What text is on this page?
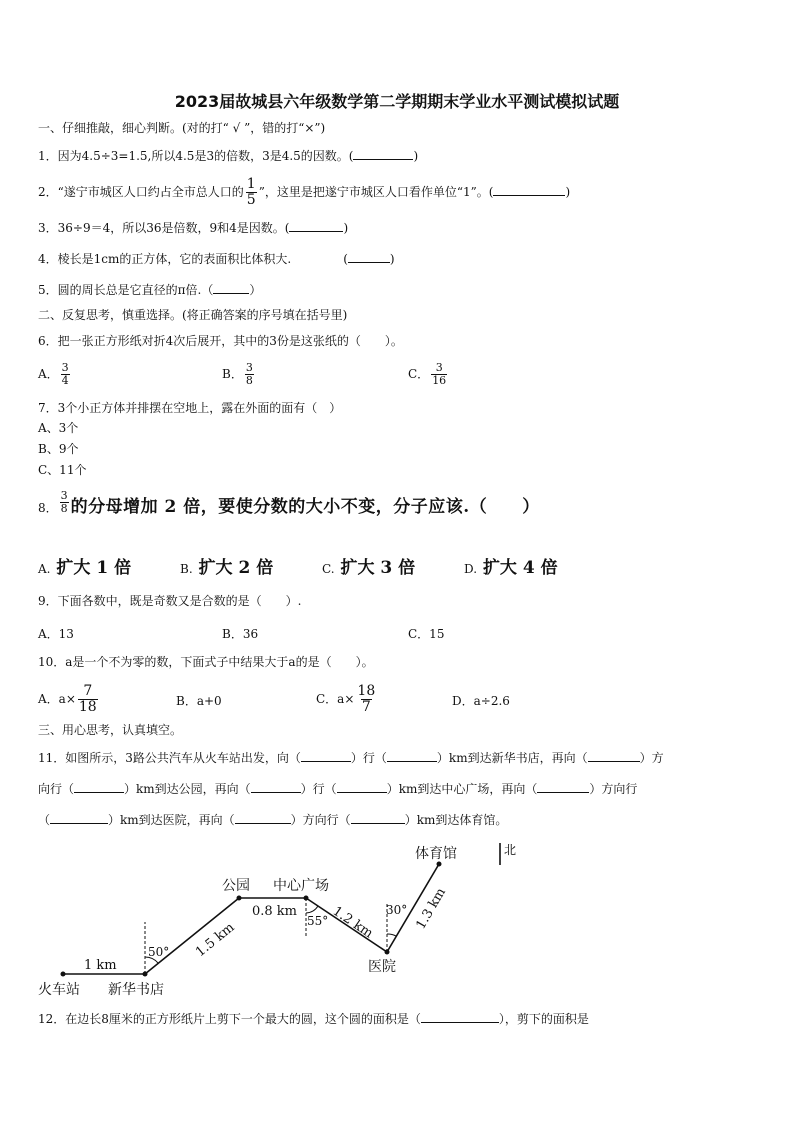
2023届故城县六年级数学第二学期期末学业水平测试模拟试题
一、仔细推敲，细心判断。(对的打“ √ ”，错的打“×”)
1．因为4.5÷3=1.5,所以4.5是3的倍数，3是4.5的因数。(	)
2．“遂宁市城区人口约占全市总人口的 $\frac{1}{5}$ ”，这里是把遂宁市城区人口看作单位“1”。(	)
3．36÷9＝4，所以36是倍数，9和4是因数。(	)
4．棱长是1cm的正方体，它的表面积比体积大.	(	)
5．圆的周长总是它直径的π倍.（	）
二、反复思考，慎重选择。(将正确答案的序号填在括号里)
6．把一张正方形纸对折4次后展开，其中的3份是这张纸的（　　）。
A． $\frac{3}{4}$	B． $\frac{3}{8}$	C． $\frac{3}{16}$
7．3个小正方体并排摆在空地上，露在外面的面有（　）
A、3个
B、9个
C、11个
8． $\frac{3}{8}$ 的分母增加 2 倍，要使分数的大小不变，分子应该.（　　）
A. 扩大 1 倍	B. 扩大 2 倍	C. 扩大 3 倍	D. 扩大 4 倍
9．下面各数中，既是奇数又是合数的是（　　）.
A．13	B．36	C．15
10．a是一个不为零的数，下面式子中结果大于a的是（　　）。
A．$a\times \frac{7}{18}$	B．a+0	C．$a\times \frac{18}{7}$	D．a÷2.6
三、用心思考，认真填空。
11．如图所示，3路公共汽车从火车站出发，向（	）行（	）km到达新华书店，再向（	）方
向行（	）km到达公园，再向（	）行（	）km到达中心广场，再向（	）方向行
（	）km到达医院，再向（	）方向行（	）km到达体育馆。
北
体育馆
公园 中心广场
火车站 新华书店
医院
1 km
1.5 km
0.8 km	1.2 km	1.3 km
50°
55°
30°
12．在边长8厘米的正方形纸片上剪下一个最大的圆，这个圆的面积是（	），剪下的面积是
